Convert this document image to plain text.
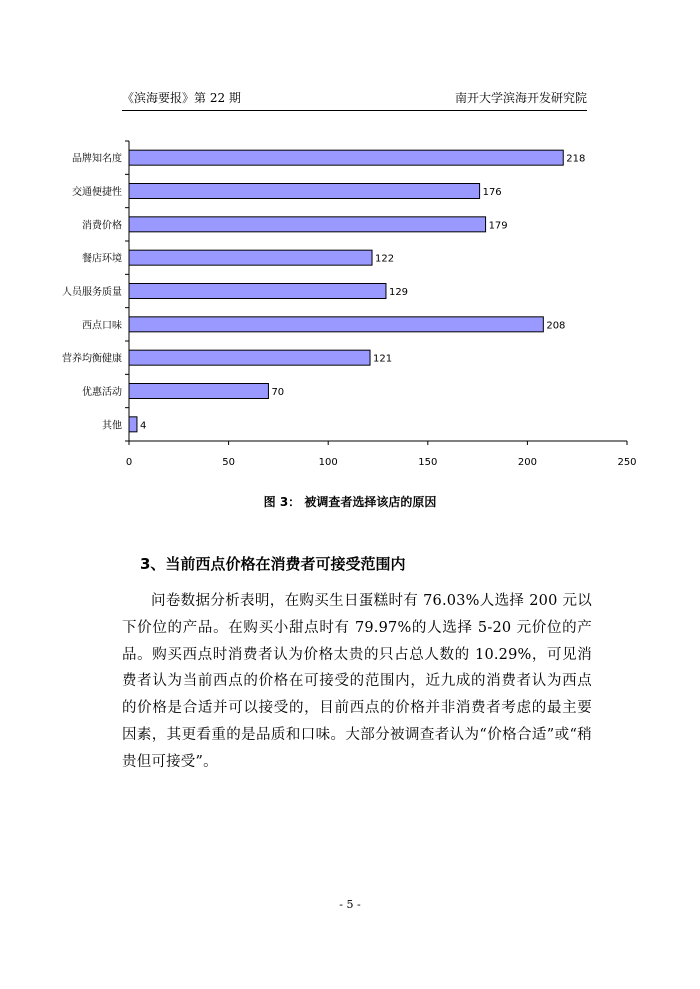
《滨海要报》第 22 期	南开大学滨海开发研究院
0	50	100	150	200	250
品牌知名度	218
交通便捷性	176
消费价格	179
餐店环境	122
人员服务质量	129
西点口味	208
营养均衡健康	121
优惠活动	70
其他 4
图 3： 被调查者选择该店的原因
3、当前西点价格在消费者可接受范围内
问卷数据分析表明，在购买生日蛋糕时有 76.03%人选择 200 元以下价位的产品。在购买小甜点时有 79.97%的人选择 5-20 元价位的产品。购买西点时消费者认为价格太贵的只占总人数的 10.29%，可见消费者认为当前西点的价格在可接受的范围内，近九成的消费者认为西点的价格是合适并可以接受的，目前西点的价格并非消费者考虑的最主要因素，其更看重的是品质和口味。大部分被调查者认为“价格合适”或“稍贵但可接受”。
- 5 -
